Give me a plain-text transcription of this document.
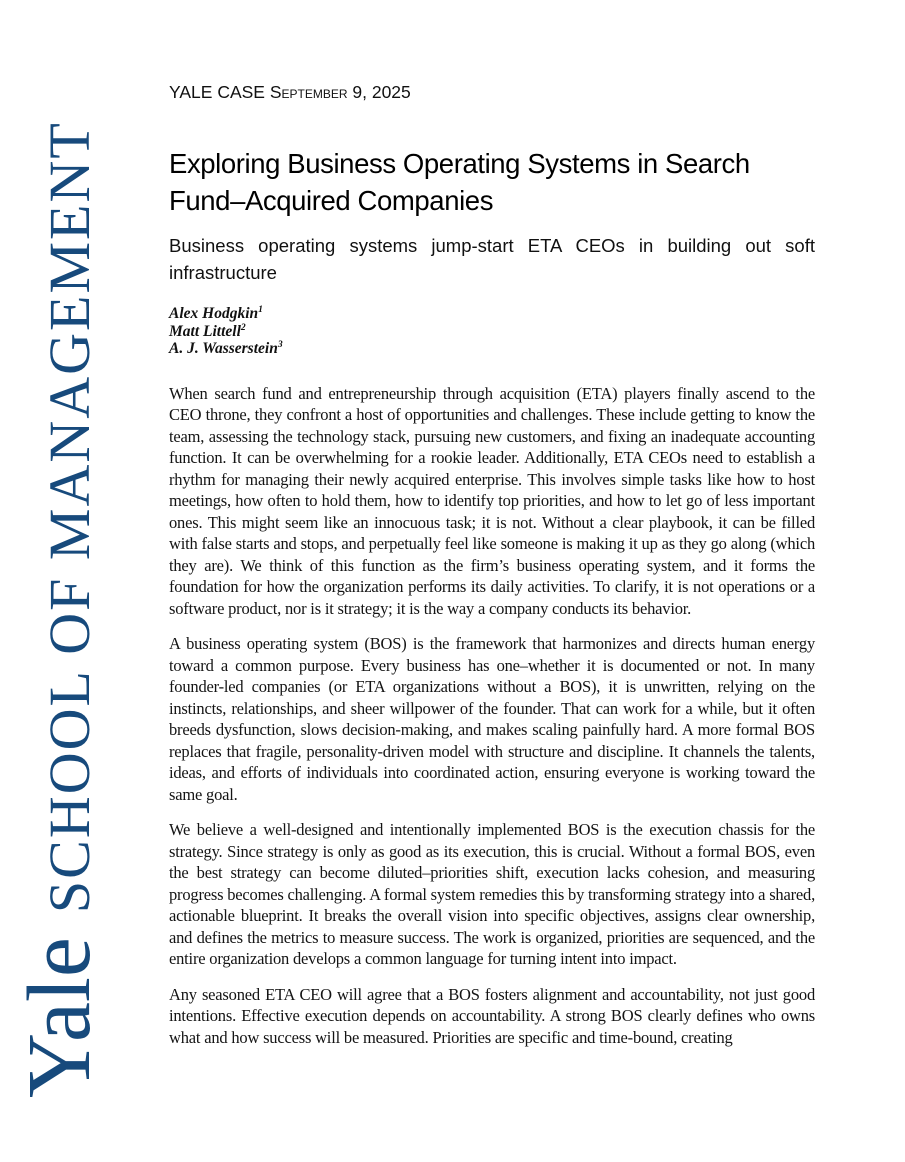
YaleSCHOOL OF MANAGEMENT
YALE CASE September 9, 2025
Exploring Business Operating Systems in Search Fund–Acquired Companies
Business operating systems jump-start ETA CEOs in building out soft infrastructure
Alex Hodgkin$^1$
Matt Littell$^2$
A. J. Wasserstein$^3$

When search fund and entrepreneurship through acquisition (ETA) players finally ascend to the CEO throne, they confront a host of opportunities and challenges. These include getting to know the team, assessing the technology stack, pursuing new customers, and fixing an inadequate accounting function. It can be overwhelming for a rookie leader. Additionally, ETA CEOs need to establish a rhythm for managing their newly acquired enterprise. This involves simple tasks like how to host meetings, how often to hold them, how to identify top priorities, and how to let go of less important ones. This might seem like an innocuous task; it is not. Without a clear playbook, it can be filled with false starts and stops, and perpetually feel like someone is making it up as they go along (which they are). We think of this function as the firm’s business operating system, and it forms the foundation for how the organization performs its daily activities. To clarify, it is not operations or a software product, nor is it strategy; it is the way a company conducts its behavior.

A business operating system (BOS) is the framework that harmonizes and directs human energy toward a common purpose. Every business has one–whether it is documented or not. In many founder-led companies (or ETA organizations without a BOS), it is unwritten, relying on the instincts, relationships, and sheer willpower of the founder. That can work for a while, but it often breeds dysfunction, slows decision-making, and makes scaling painfully hard. A more formal BOS replaces that fragile, personality-driven model with structure and discipline. It channels the talents, ideas, and efforts of individuals into coordinated action, ensuring everyone is working toward the same goal.

We believe a well-designed and intentionally implemented BOS is the execution chassis for the strategy. Since strategy is only as good as its execution, this is crucial. Without a formal BOS, even the best strategy can become diluted–priorities shift, execution lacks cohesion, and measuring progress becomes challenging. A formal system remedies this by transforming strategy into a shared, actionable blueprint. It breaks the overall vision into specific objectives, assigns clear ownership, and defines the metrics to measure success. The work is organized, priorities are sequenced, and the entire organization develops a common language for turning intent into impact.

Any seasoned ETA CEO will agree that a BOS fosters alignment and accountability, not just good intentions. Effective execution depends on accountability. A strong BOS clearly defines who owns what and how success will be measured. Priorities are specific and time-bound, creating
